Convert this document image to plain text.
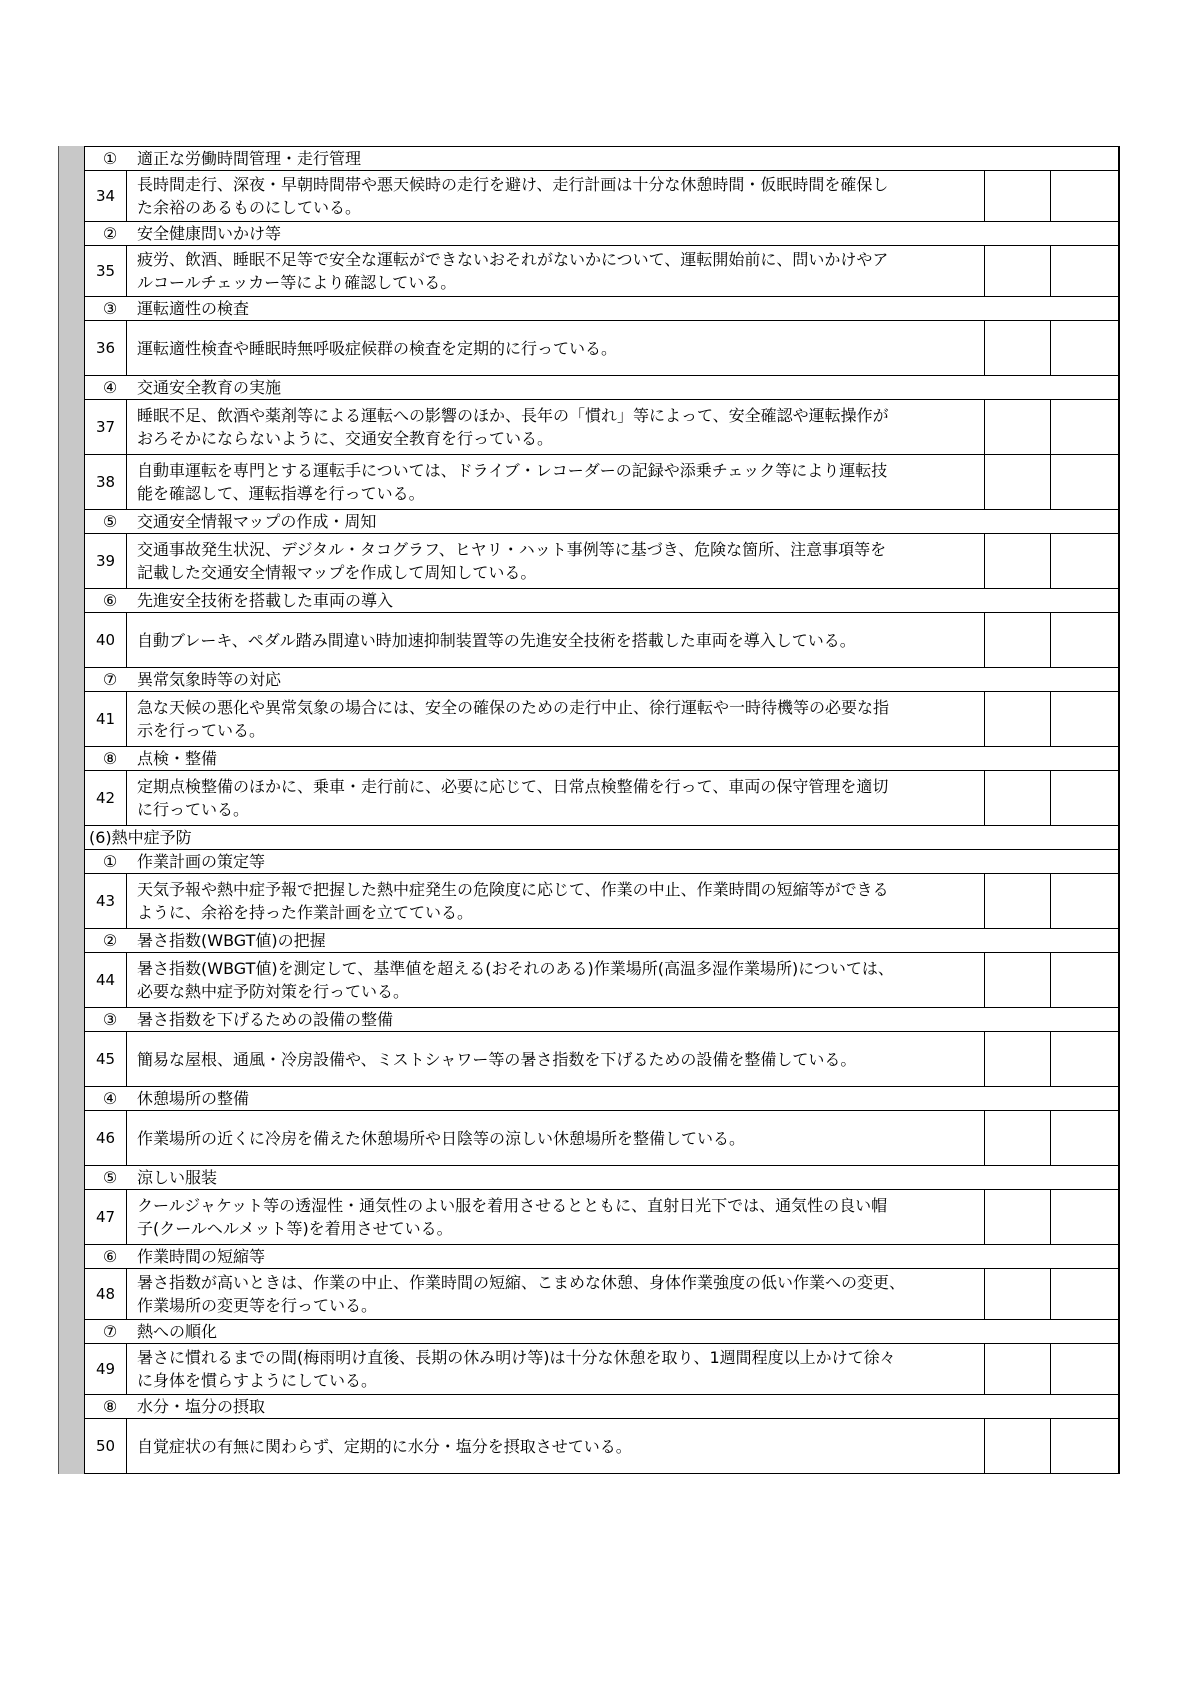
① 適正な労働時間管理・走行管理			
34	長時間走行、深夜・早朝時間帯や悪天候時の走行を避け、走行計画は十分な休憩時間・仮眠時間を確保し
た余裕のあるものにしている。		

② 安全健康問いかけ等			
35	疲労、飲酒、睡眠不足等で安全な運転ができないおそれがないかについて、運転開始前に、問いかけやア
ルコールチェッカー等により確認している。		

③ 運転適性の検査			
36	運転適性検査や睡眠時無呼吸症候群の検査を定期的に行っている。		

④ 交通安全教育の実施			
37	睡眠不足、飲酒や薬剤等による運転への影響のほか、長年の「慣れ」等によって、安全確認や運転操作が
おろそかにならないように、交通安全教育を行っている。		

38	自動車運転を専門とする運転手については、ドライブ・レコーダーの記録や添乗チェック等により運転技
能を確認して、運転指導を行っている。		

⑤ 交通安全情報マップの作成・周知			
39	交通事故発生状況、デジタル・タコグラフ、ヒヤリ・ハット事例等に基づき、危険な箇所、注意事項等を
記載した交通安全情報マップを作成して周知している。		

⑥ 先進安全技術を搭載した車両の導入			
40	自動ブレーキ、ペダル踏み間違い時加速抑制装置等の先進安全技術を搭載した車両を導入している。		

⑦ 異常気象時等の対応			
41	急な天候の悪化や異常気象の場合には、安全の確保のための走行中止、徐行運転や一時待機等の必要な指
示を行っている。		

⑧ 点検・整備			
42	定期点検整備のほかに、乗車・走行前に、必要に応じて、日常点検整備を行って、車両の保守管理を適切
に行っている。		

(6)熱中症予防			
① 作業計画の策定等			
43	天気予報や熱中症予報で把握した熱中症発生の危険度に応じて、作業の中止、作業時間の短縮等ができる
ように、余裕を持った作業計画を立てている。		

② 暑さ指数(WBGT値)の把握			
44	暑さ指数(WBGT値)を測定して、基準値を超える(おそれのある)作業場所(高温多湿作業場所)については、
必要な熱中症予防対策を行っている。		

③ 暑さ指数を下げるための設備の整備			
45	簡易な屋根、通風・冷房設備や、ミストシャワー等の暑さ指数を下げるための設備を整備している。		

④ 休憩場所の整備			
46	作業場所の近くに冷房を備えた休憩場所や日陰等の涼しい休憩場所を整備している。		

⑤ 涼しい服装			
47	クールジャケット等の透湿性・通気性のよい服を着用させるとともに、直射日光下では、通気性の良い帽
子(クールヘルメット等)を着用させている。		

⑥ 作業時間の短縮等			
48	暑さ指数が高いときは、作業の中止、作業時間の短縮、こまめな休憩、身体作業強度の低い作業への変更、
作業場所の変更等を行っている。		

⑦ 熱への順化			
49	暑さに慣れるまでの間(梅雨明け直後、長期の休み明け等)は十分な休憩を取り、1週間程度以上かけて徐々
に身体を慣らすようにしている。		

⑧ 水分・塩分の摂取			
50	自覚症状の有無に関わらず、定期的に水分・塩分を摂取させている。		
